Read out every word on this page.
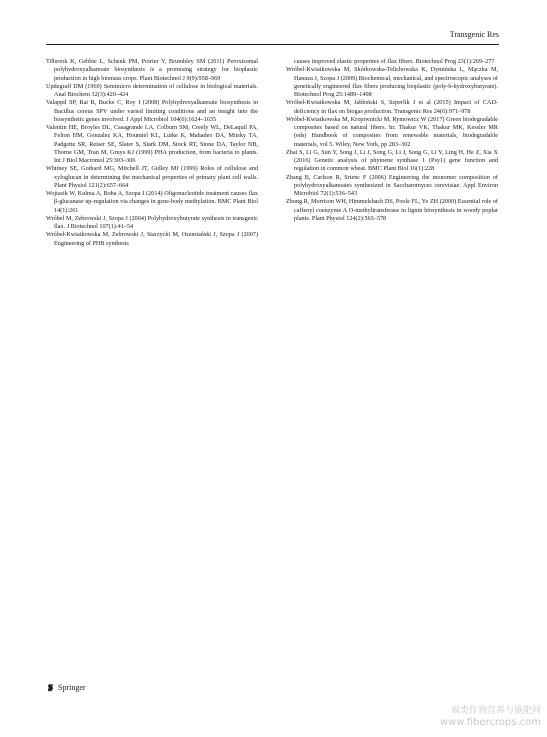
Transgenic Res

Tilbrook K, Gebbie L, Schenk PM, Poirier Y, Brumbley SM (2011) Peroxisomal polyhydroxyalkanoate biosynthesis is a promising strategy for bioplastic production in high biomass crops. Plant Biotechnol J 9(9):958–969

Updegraff DM (1969) Semimicro determination of cellulose in biological materials. Anal Biochem 32(3):420–424

Valappil SP, Rai R, Bucke C, Roy I (2008) Polyhydroxyalkanoate biosynthesis in Bacillus cereus SPV under varied limiting conditions and an insight into the biosynthetic genes involved. J Appl Microbiol 104(6):1624–1635

Valentin HE, Broyles DL, Casagrande LA, Colburn SM, Creely WL, DeLaquil PA, Felton HM, Gonzalez KA, Houmiel KL, Lutke K, Mahadeo DA, Mitsky TA, Padgette SR, Reiser SE, Slater S, Stark DM, Stock RT, Stone DA, Taylor NB, Thorne GM, Tran M, Gruys KJ (1999) PHA production, from bacteria to plants. Int J Biol Macromol 25:303–306

Whitney SE, Gothard MG, Mitchell JT, Gidley MJ (1999) Roles of cellulose and xyloglucan in determining the mechanical properties of primary plant cell walls. Plant Physiol 121(2):657–664

Wojtasik W, Kulma A, Boba A, Szopa J (2014) Oligonucleotide treatment causes flax β-glucanase up-regulation via changes in gene-body methylation. BMC Plant Biol 14(1):261

Wróbel M, Zebrowski J, Szopa J (2004) Polyhydroxybutyrate synthesis in transgenic flax. J Biotechnol 107(1):41–54

Wróbel-Kwiatkowska M, Zebrowski J, Starzycki M, Oszmiański J, Szopa J (2007) Engineering of PHB synthesis

causes improved elastic properties of flax fibers. Biotechnol Prog 23(1):269–277

Wróbel-Kwiatkowska M, Skórkowska-Telichowska K, Dymińska L, Mączka M, Hanuza J, Szopa J (2009) Biochemical, mechanical, and spectroscopic analyses of genetically engineered flax fibers producing bioplastic (poly-b-hydroxybutyrate). Biotechnol Prog 25:1489–1498

Wróbel-Kwiatkowska M, Jabłoński S, Szperlik J et al (2015) Impact of CAD-deficiency in flax on biogas production. Transgenic Res 24(6):971–978

Wróbel-Kwiatkowska M, Kropiwnicki M, Rymowicz W (2017) Green biodegradable composites based on natural fibers. In: Thakur VK, Thakur MK, Kessler MR (eds) Handbook of composites from renewable materials, biodegradable materials, vol 5. Wiley, New York, pp 283–302

Zhai S, Li G, Sun Y, Song J, Li J, Song G, Li J, Song G, Li Y, Ling H, He Z, Xia X (2016) Genetic analysis of phytoene synthase 1 (Psy1) gene function and regulation in common wheat. BMC Plant Biol 16(1):228

Zhang B, Carlson R, Srienc F (2006) Engineering the monomer composition of polyhydroxyalkanoates synthesized in Saccharomyces cerevisiae. Appl Environ Microbiol 72(1):536–543

Zhong R, Morrison WH, Himmelsbach DS, Poole FL, Ye ZH (2000) Essential role of caffeoyl coenzyme A O-methyltransferase in lignin biosynthesis in woody poplar plants. Plant Physiol 124(2):563–578

Springer
麻类作物营养与施肥网
www.fibercrops.com
